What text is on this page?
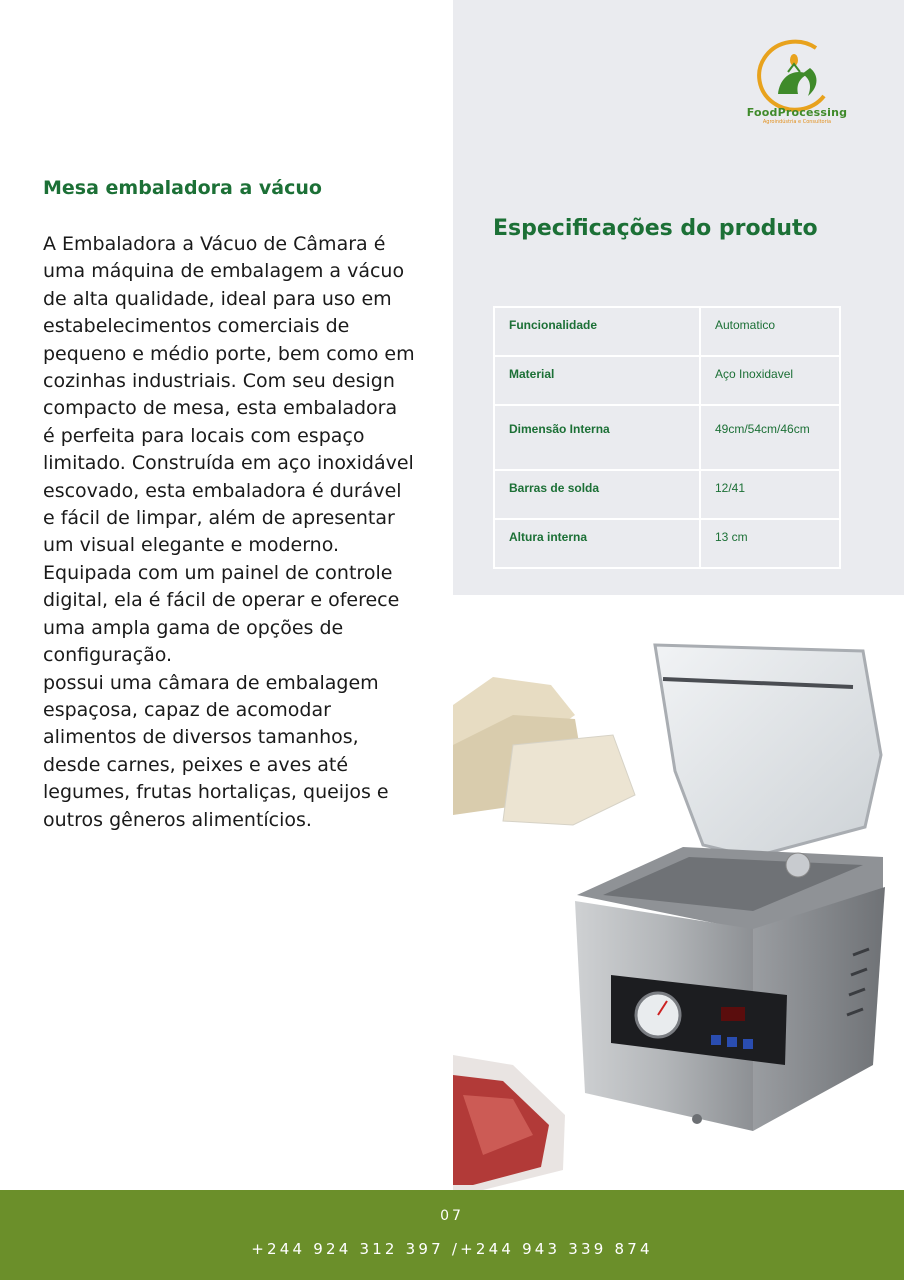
FoodProcessing
Agroindústria e Consultoria
Mesa embaladora a vácuo

A Embaladora a Vácuo de Câmara é
uma máquina de embalagem a vácuo
de alta qualidade, ideal para uso em
estabelecimentos comerciais de
pequeno e médio porte, bem como em
cozinhas industriais. Com seu design
compacto de mesa, esta embaladora
é perfeita para locais com espaço
limitado. Construída em aço inoxidável
escovado, esta embaladora é durável
e fácil de limpar, além de apresentar
um visual elegante e moderno.
Equipada com um painel de controle
digital, ela é fácil de operar e oferece
uma ampla gama de opções de
configuração.
possui uma câmara de embalagem
espaçosa, capaz de acomodar
alimentos de diversos tamanhos,
desde carnes, peixes e aves até
legumes, frutas hortaliças, queijos e
outros gêneros alimentícios.

Especificações do produto
Funcionalidade	Automatico
Material	Aço Inoxidavel
Dimensão Interna	49cm/54cm/46cm
Barras de solda	12/41
Altura interna	13 cm
07
+244 924 312 397 /+244 943 339 874
